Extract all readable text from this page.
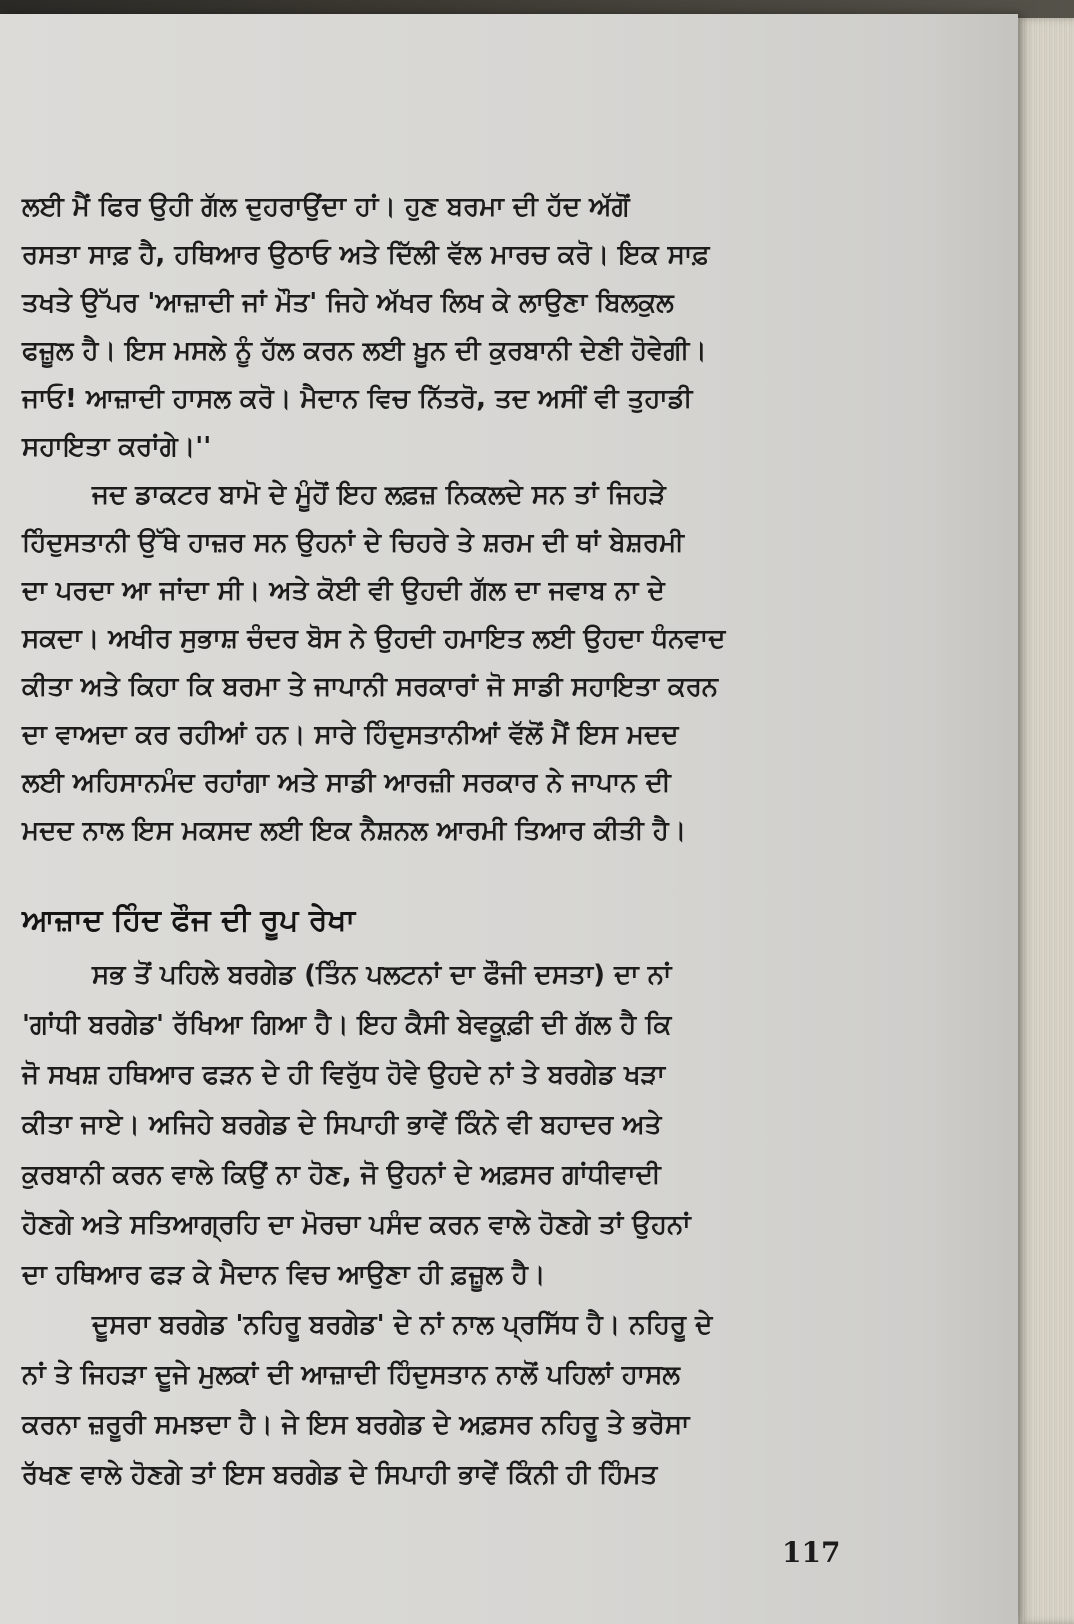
ਲਈ ਮੈਂ ਫਿਰ ਉਹੀ ਗੱਲ ਦੁਹਰਾਉਂਦਾ ਹਾਂ। ਹੁਣ ਬਰਮਾ ਦੀ ਹੱਦ ਅੱਗੋਂ
ਰਸਤਾ ਸਾਫ਼ ਹੈ, ਹਥਿਆਰ ਉਠਾਓ ਅਤੇ ਦਿੱਲੀ ਵੱਲ ਮਾਰਚ ਕਰੋ। ਇਕ ਸਾਫ਼
ਤਖਤੇ ਉੱਪਰ 'ਆਜ਼ਾਦੀ ਜਾਂ ਮੌਤ' ਜਿਹੇ ਅੱਖਰ ਲਿਖ ਕੇ ਲਾਉਣਾ ਬਿਲਕੁਲ
ਫਜ਼ੂਲ ਹੈ। ਇਸ ਮਸਲੇ ਨੂੰ ਹੱਲ ਕਰਨ ਲਈ ਖ਼ੂਨ ਦੀ ਕੁਰਬਾਨੀ ਦੇਣੀ ਹੋਵੇਗੀ।
ਜਾਓ! ਆਜ਼ਾਦੀ ਹਾਸਲ ਕਰੋ। ਮੈਦਾਨ ਵਿਚ ਨਿੱਤਰੋ, ਤਦ ਅਸੀਂ ਵੀ ਤੁਹਾਡੀ
ਸਹਾਇਤਾ ਕਰਾਂਗੇ।''
ਜਦ ਡਾਕਟਰ ਬਾਮੋ ਦੇ ਮੂੰਹੋਂ ਇਹ ਲਫ਼ਜ਼ ਨਿਕਲਦੇ ਸਨ ਤਾਂ ਜਿਹੜੇ
ਹਿੰਦੁਸਤਾਨੀ ਉੱਥੇ ਹਾਜ਼ਰ ਸਨ ਉਹਨਾਂ ਦੇ ਚਿਹਰੇ ਤੇ ਸ਼ਰਮ ਦੀ ਥਾਂ ਬੇਸ਼ਰਮੀ
ਦਾ ਪਰਦਾ ਆ ਜਾਂਦਾ ਸੀ। ਅਤੇ ਕੋਈ ਵੀ ਉਹਦੀ ਗੱਲ ਦਾ ਜਵਾਬ ਨਾ ਦੇ
ਸਕਦਾ। ਅਖੀਰ ਸੁਭਾਸ਼ ਚੰਦਰ ਬੋਸ ਨੇ ਉਹਦੀ ਹਮਾਇਤ ਲਈ ਉਹਦਾ ਧੰਨਵਾਦ
ਕੀਤਾ ਅਤੇ ਕਿਹਾ ਕਿ ਬਰਮਾ ਤੇ ਜਾਪਾਨੀ ਸਰਕਾਰਾਂ ਜੋ ਸਾਡੀ ਸਹਾਇਤਾ ਕਰਨ
ਦਾ ਵਾਅਦਾ ਕਰ ਰਹੀਆਂ ਹਨ। ਸਾਰੇ ਹਿੰਦੁਸਤਾਨੀਆਂ ਵੱਲੋਂ ਮੈਂ ਇਸ ਮਦਦ
ਲਈ ਅਹਿਸਾਨਮੰਦ ਰਹਾਂਗਾ ਅਤੇ ਸਾਡੀ ਆਰਜ਼ੀ ਸਰਕਾਰ ਨੇ ਜਾਪਾਨ ਦੀ
ਮਦਦ ਨਾਲ ਇਸ ਮਕਸਦ ਲਈ ਇਕ ਨੈਸ਼ਨਲ ਆਰਮੀ ਤਿਆਰ ਕੀਤੀ ਹੈ।
ਆਜ਼ਾਦ ਹਿੰਦ ਫੌਜ ਦੀ ਰੂਪ ਰੇਖਾ
ਸਭ ਤੋਂ ਪਹਿਲੇ ਬਰਗੇਡ (ਤਿੰਨ ਪਲਟਨਾਂ ਦਾ ਫੌਜੀ ਦਸਤਾ) ਦਾ ਨਾਂ
'ਗਾਂਧੀ ਬਰਗੇਡ' ਰੱਖਿਆ ਗਿਆ ਹੈ। ਇਹ ਕੈਸੀ ਬੇਵਕੂਫ਼ੀ ਦੀ ਗੱਲ ਹੈ ਕਿ
ਜੋ ਸਖਸ਼ ਹਥਿਆਰ ਫੜਨ ਦੇ ਹੀ ਵਿਰੁੱਧ ਹੋਵੇ ਉਹਦੇ ਨਾਂ ਤੇ ਬਰਗੇਡ ਖੜਾ
ਕੀਤਾ ਜਾਏ। ਅਜਿਹੇ ਬਰਗੇਡ ਦੇ ਸਿਪਾਹੀ ਭਾਵੇਂ ਕਿੰਨੇ ਵੀ ਬਹਾਦਰ ਅਤੇ
ਕੁਰਬਾਨੀ ਕਰਨ ਵਾਲੇ ਕਿਉਂ ਨਾ ਹੋਣ, ਜੋ ਉਹਨਾਂ ਦੇ ਅਫ਼ਸਰ ਗਾਂਧੀਵਾਦੀ
ਹੋਣਗੇ ਅਤੇ ਸਤਿਆਗ੍ਰਹਿ ਦਾ ਮੋਰਚਾ ਪਸੰਦ ਕਰਨ ਵਾਲੇ ਹੋਣਗੇ ਤਾਂ ਉਹਨਾਂ
ਦਾ ਹਥਿਆਰ ਫੜ ਕੇ ਮੈਦਾਨ ਵਿਚ ਆਉਣਾ ਹੀ ਫ਼ਜ਼ੂਲ ਹੈ।
ਦੂਸਰਾ ਬਰਗੇਡ 'ਨਹਿਰੂ ਬਰਗੇਡ' ਦੇ ਨਾਂ ਨਾਲ ਪ੍ਰਸਿੱਧ ਹੈ। ਨਹਿਰੂ ਦੇ
ਨਾਂ ਤੇ ਜਿਹੜਾ ਦੂਜੇ ਮੁਲਕਾਂ ਦੀ ਆਜ਼ਾਦੀ ਹਿੰਦੁਸਤਾਨ ਨਾਲੋਂ ਪਹਿਲਾਂ ਹਾਸਲ
ਕਰਨਾ ਜ਼ਰੂਰੀ ਸਮਝਦਾ ਹੈ। ਜੇ ਇਸ ਬਰਗੇਡ ਦੇ ਅਫ਼ਸਰ ਨਹਿਰੂ ਤੇ ਭਰੋਸਾ
ਰੱਖਣ ਵਾਲੇ ਹੋਣਗੇ ਤਾਂ ਇਸ ਬਰਗੇਡ ਦੇ ਸਿਪਾਹੀ ਭਾਵੇਂ ਕਿੰਨੀ ਹੀ ਹਿੰਮਤ
117
